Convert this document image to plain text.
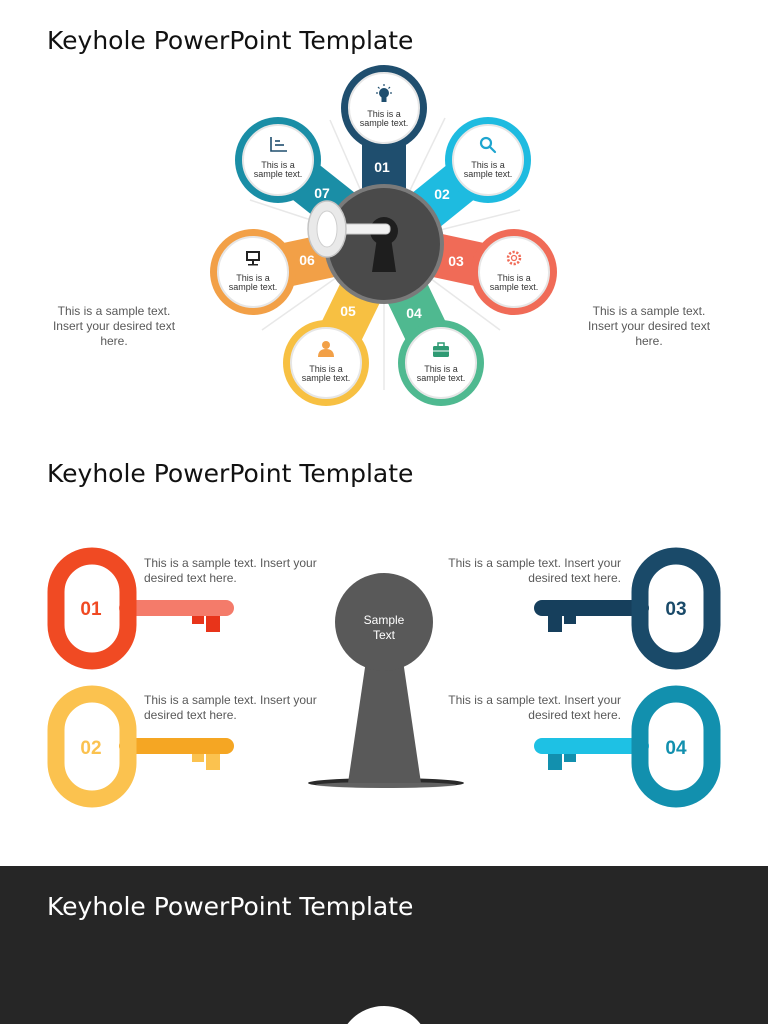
Keyhole PowerPoint Template
This is a sample text. Insert your desired text here.
This is a sample text. Insert your desired text here.
07
This is a
sample text.
06
This is a
sample text.
05
This is a
sample text.
04
This is a
sample text.
03
This is a
sample text.
02
This is a
sample text.
01
This is a
sample text.
Keyhole PowerPoint Template
This is a sample text. Insert your desired text here.
This is a sample text. Insert your desired text here.
This is a sample text. Insert your desired text here.
This is a sample text. Insert your desired text here.
01
02
03
04
Sample
Text
Keyhole PowerPoint Template
